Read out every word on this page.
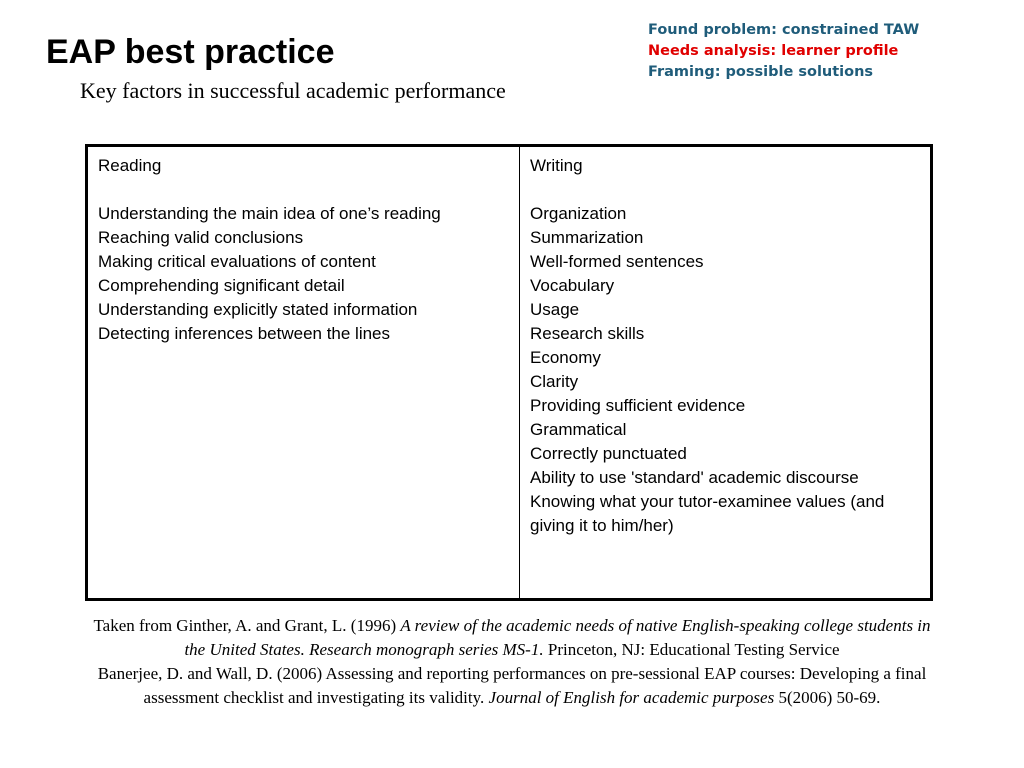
EAP best practice

Key factors in successful academic performance

Found problem: constrained TAW
Needs analysis: learner profile
Framing: possible solutions
Reading
Understanding the main idea of one’s reading
Reaching valid conclusions
Making critical evaluations of content
Comprehending significant detail
Understanding explicitly stated information
Detecting inferences between the lines
Writing
Organization
Summarization
Well-formed sentences
Vocabulary
Usage
Research skills
Economy
Clarity
Providing sufficient evidence
Grammatical
Correctly punctuated
Ability to use 'standard' academic discourse
Knowing what your tutor-examinee values (and giving it to him/her)

Taken from Ginther, A. and Grant, L. (1996) A review of the academic needs of native English-speaking college students in the United States. Research monograph series MS-1. Princeton, NJ: Educational Testing Service

Banerjee, D. and Wall, D. (2006) Assessing and reporting performances on pre-sessional EAP courses: Developing a final assessment checklist and investigating its validity. Journal of English for academic purposes 5(2006) 50-69.
